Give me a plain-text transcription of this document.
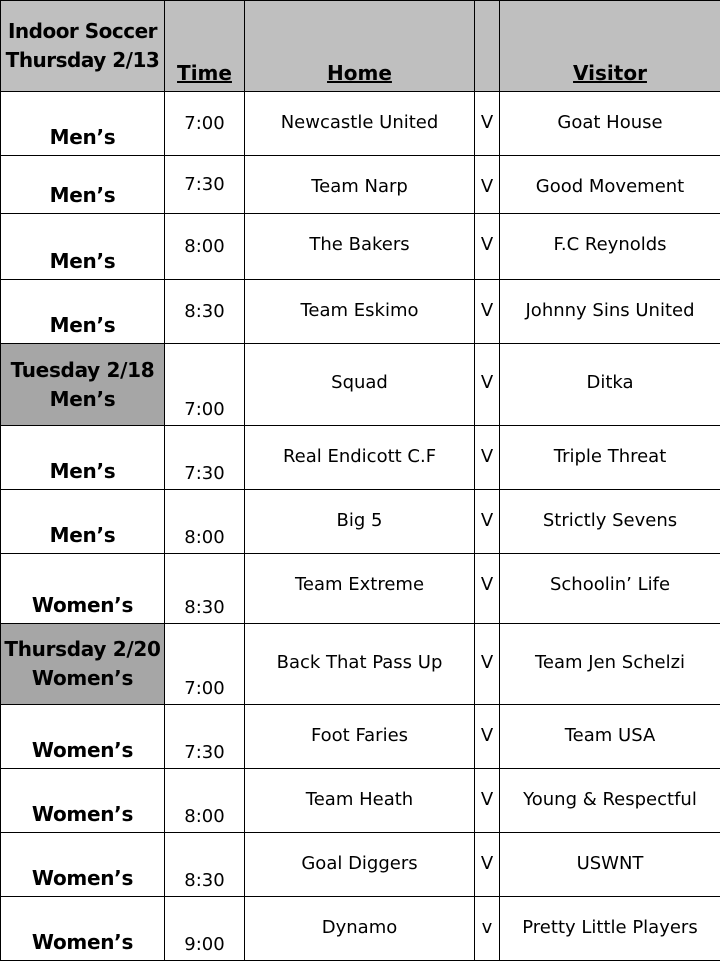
Indoor Soccer
Thursday 2/13	Time	Home		Visitor
Men’s	7:00	Newcastle United	V	Goat House

Men’s	7:30	Team Narp	V	Good Movement

Men’s	8:00	The Bakers	V	F.C Reynolds

Men’s	8:30	Team Eskimo	V	Johnny Sins United

Tuesday 2/18
Men’s	7:00	Squad	V	Ditka

Men’s	7:30	Real Endicott C.F	V	Triple Threat

Men’s	8:00	Big 5	V	Strictly Sevens

Women’s	8:30	Team Extreme	V	Schoolin’ Life

Thursday 2/20
Women’s	7:00	Back That Pass Up	V	Team Jen Schelzi

Women’s	7:30	Foot Faries	V	Team USA

Women’s	8:00	Team Heath	V	Young & Respectful

Women’s	8:30	Goal Diggers	V	USWNT

Women’s	9:00	Dynamo	v	Pretty Little Players
